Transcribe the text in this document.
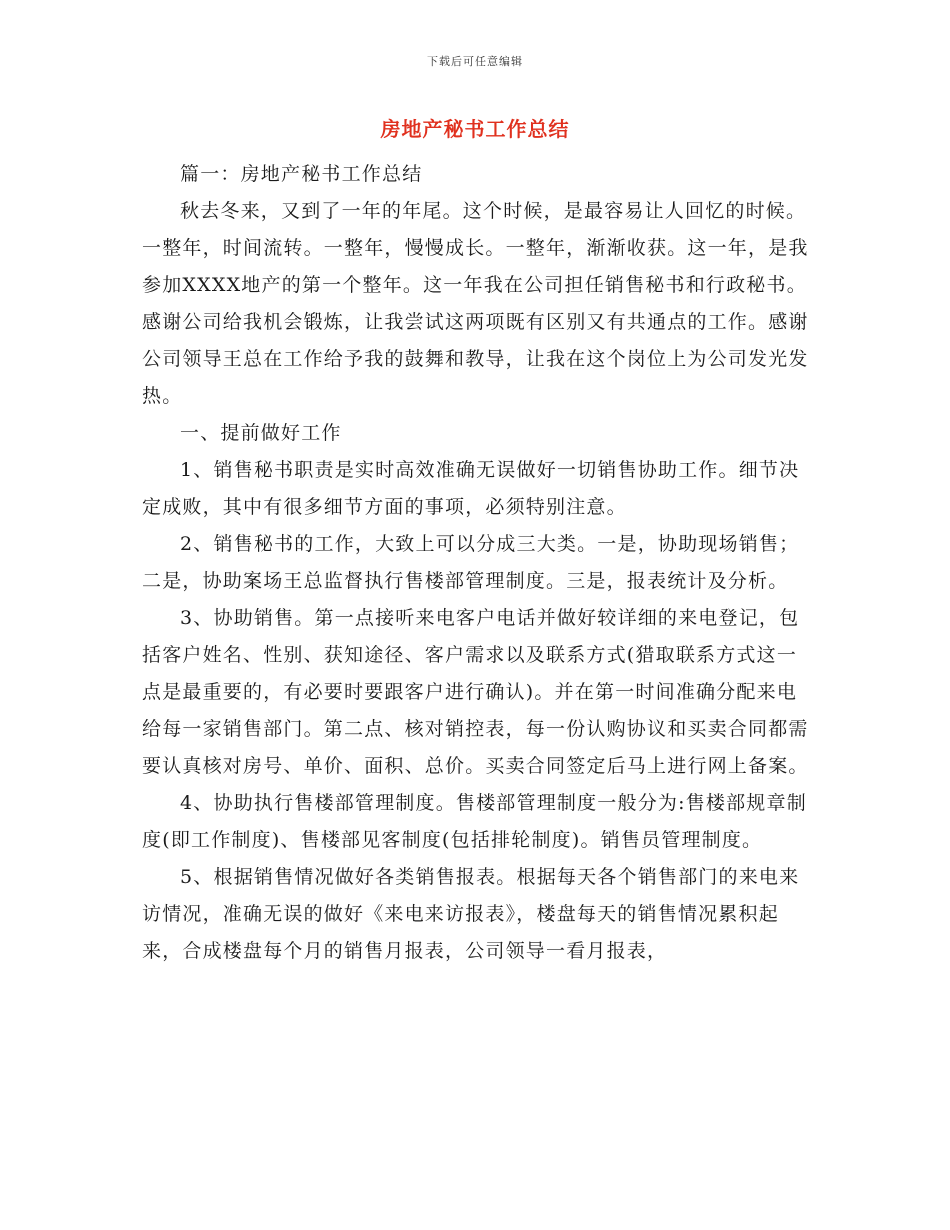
下载后可任意编辑
房地产秘书工作总结

篇一：房地产秘书工作总结

秋去冬来，又到了一年的年尾。这个时候，是最容易让人回忆的时候。一整年，时间流转。一整年，慢慢成长。一整年，渐渐收获。这一年，是我参加XXXX地产的第一个整年。这一年我在公司担任销售秘书和行政秘书。感谢公司给我机会锻炼，让我尝试这两项既有区别又有共通点的工作。感谢公司领导王总在工作给予我的鼓舞和教导，让我在这个岗位上为公司发光发热。

一、提前做好工作

1、销售秘书职责是实时高效准确无误做好一切销售协助工作。细节决定成败，其中有很多细节方面的事项，必须特别注意。

2、销售秘书的工作，大致上可以分成三大类。一是，协助现场销售；二是，协助案场王总监督执行售楼部管理制度。三是，报表统计及分析。

3、协助销售。第一点接听来电客户电话并做好较详细的来电登记，包括客户姓名、性别、获知途径、客户需求以及联系方式(猎取联系方式这一点是最重要的，有必要时要跟客户进行确认)。并在第一时间准确分配来电给每一家销售部门。第二点、核对销控表，每一份认购协议和买卖合同都需要认真核对房号、单价、面积、总价。买卖合同签定后马上进行网上备案。

4、协助执行售楼部管理制度。售楼部管理制度一般分为:售楼部规章制度(即工作制度)、售楼部见客制度(包括排轮制度)。销售员管理制度。

5、根据销售情况做好各类销售报表。根据每天各个销售部门的来电来访情况，准确无误的做好《来电来访报表》，楼盘每天的销售情况累积起来，合成楼盘每个月的销售月报表，公司领导一看月报表，
